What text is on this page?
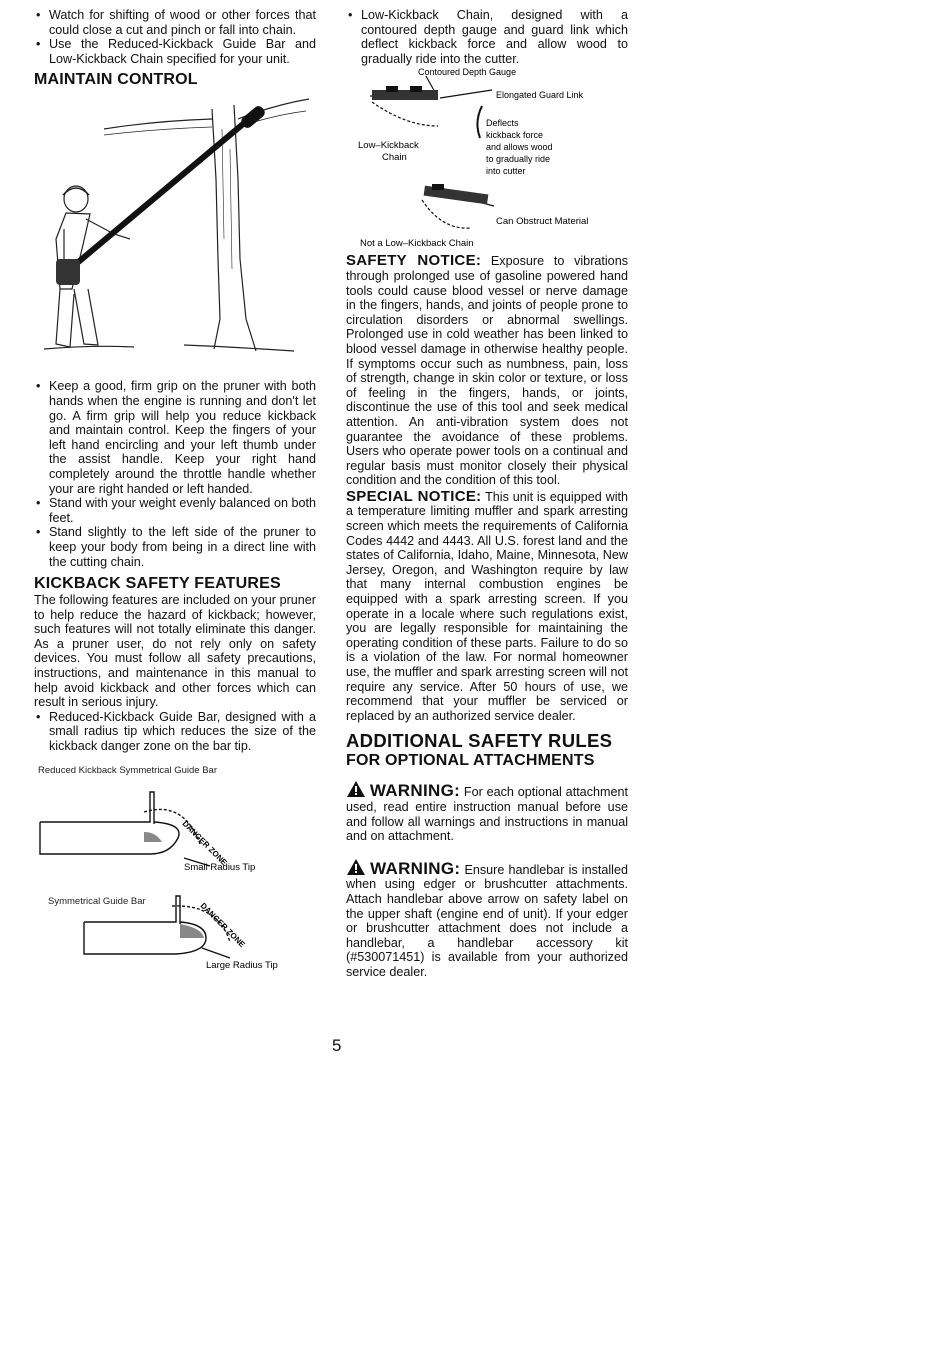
• Watch for shifting of wood or other forces that could close a cut and pinch or fall into chain.
• Use the Reduced-Kickback Guide Bar and Low-Kickback Chain specified for your unit.
MAINTAIN CONTROL
• Keep a good, firm grip on the pruner with both hands when the engine is running and don't let go. A firm grip will help you reduce kickback and maintain control. Keep the fingers of your left hand encircling and your left thumb under the assist handle. Keep your right hand completely around the throttle handle whether your are right handed or left handed.
• Stand with your weight evenly balanced on both feet.
• Stand slightly to the left side of the pruner to keep your body from being in a direct line with the cutting chain.
KICKBACK SAFETY FEATURES

The following features are included on your pruner to help reduce the hazard of kickback; however, such features will not totally eliminate this danger. As a pruner user, do not rely only on safety devices. You must follow all safety precautions, instructions, and maintenance in this manual to help avoid kickback and other forces which can result in serious injury.

• Reduced-Kickback Guide Bar, designed with a small radius tip which reduces the size of the kickback danger zone on the bar tip.
Reduced Kickback Symmetrical Guide Bar
DANGER ZONE
Small Radius Tip
Symmetrical Guide Bar	DANGER ZONE
Large Radius Tip
• Low-Kickback Chain, designed with a contoured depth gauge and guard link which deflect kickback force and allow wood to gradually ride into the cutter.
Contoured Depth Gauge
Elongated Guard Link
Low–Kickback
Chain
Deflects
kickback force
and allows wood
to gradually ride
into cutter
Can Obstruct Material
Not a Low–Kickback Chain

SAFETY NOTICE: Exposure to vibrations through prolonged use of gasoline powered hand tools could cause blood vessel or nerve damage in the fingers, hands, and joints of people prone to circulation disorders or abnormal swellings. Prolonged use in cold weather has been linked to blood vessel damage in otherwise healthy people. If symptoms occur such as numbness, pain, loss of strength, change in skin color or texture, or loss of feeling in the fingers, hands, or joints, discontinue the use of this tool and seek medical attention. An anti-vibration system does not guarantee the avoidance of these problems. Users who operate power tools on a continual and regular basis must monitor closely their physical condition and the condition of this tool.

SPECIAL NOTICE: This unit is equipped with a temperature limiting muffler and spark arresting screen which meets the requirements of California Codes 4442 and 4443. All U.S. forest land and the states of California, Idaho, Maine, Minnesota, New Jersey, Oregon, and Washington require by law that many internal combustion engines be equipped with a spark arresting screen. If you operate in a locale where such regulations exist, you are legally responsible for maintaining the operating condition of these parts. Failure to do so is a violation of the law. For normal homeowner use, the muffler and spark arresting screen will not require any service. After 50 hours of use, we recommend that your muffler be serviced or replaced by an authorized service dealer.

ADDITIONAL SAFETY RULES
FOR OPTIONAL ATTACHMENTS

WARNING: For each optional attachment used, read entire instruction manual before use and follow all warnings and instructions in manual and on attachment.

WARNING: Ensure handlebar is installed when using edger or brushcutter attachments. Attach handlebar above arrow on safety label on the upper shaft (engine end of unit). If your edger or brushcutter attachment does not include a handlebar, a handlebar accessory kit (#530071451) is available from your authorized service dealer.

5
